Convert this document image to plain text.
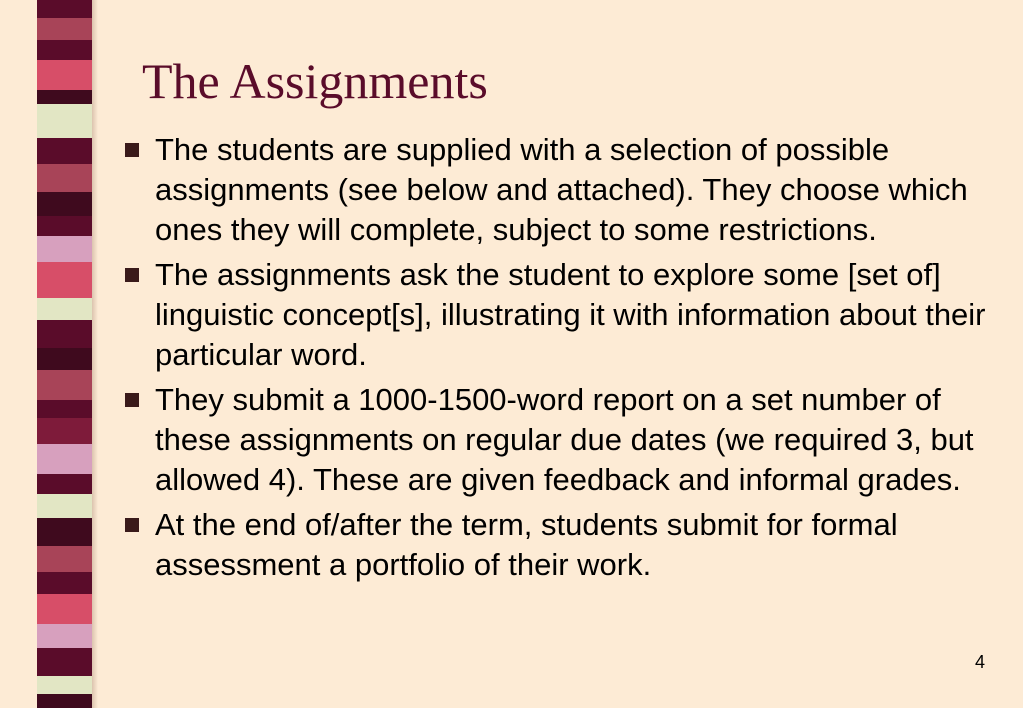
The Assignments
The students are supplied with a selection of possible assignments (see below and attached). They choose which ones they will complete, subject to some restrictions.
The assignments ask the student to explore some [set of] linguistic concept[s], illustrating it with information about their particular word.
They submit a 1000-1500-word report on a set number of these assignments on regular due dates (we required 3, but allowed 4). These are given feedback and informal grades.
At the end of/after the term, students submit for formal assessment a portfolio of their work.
4
